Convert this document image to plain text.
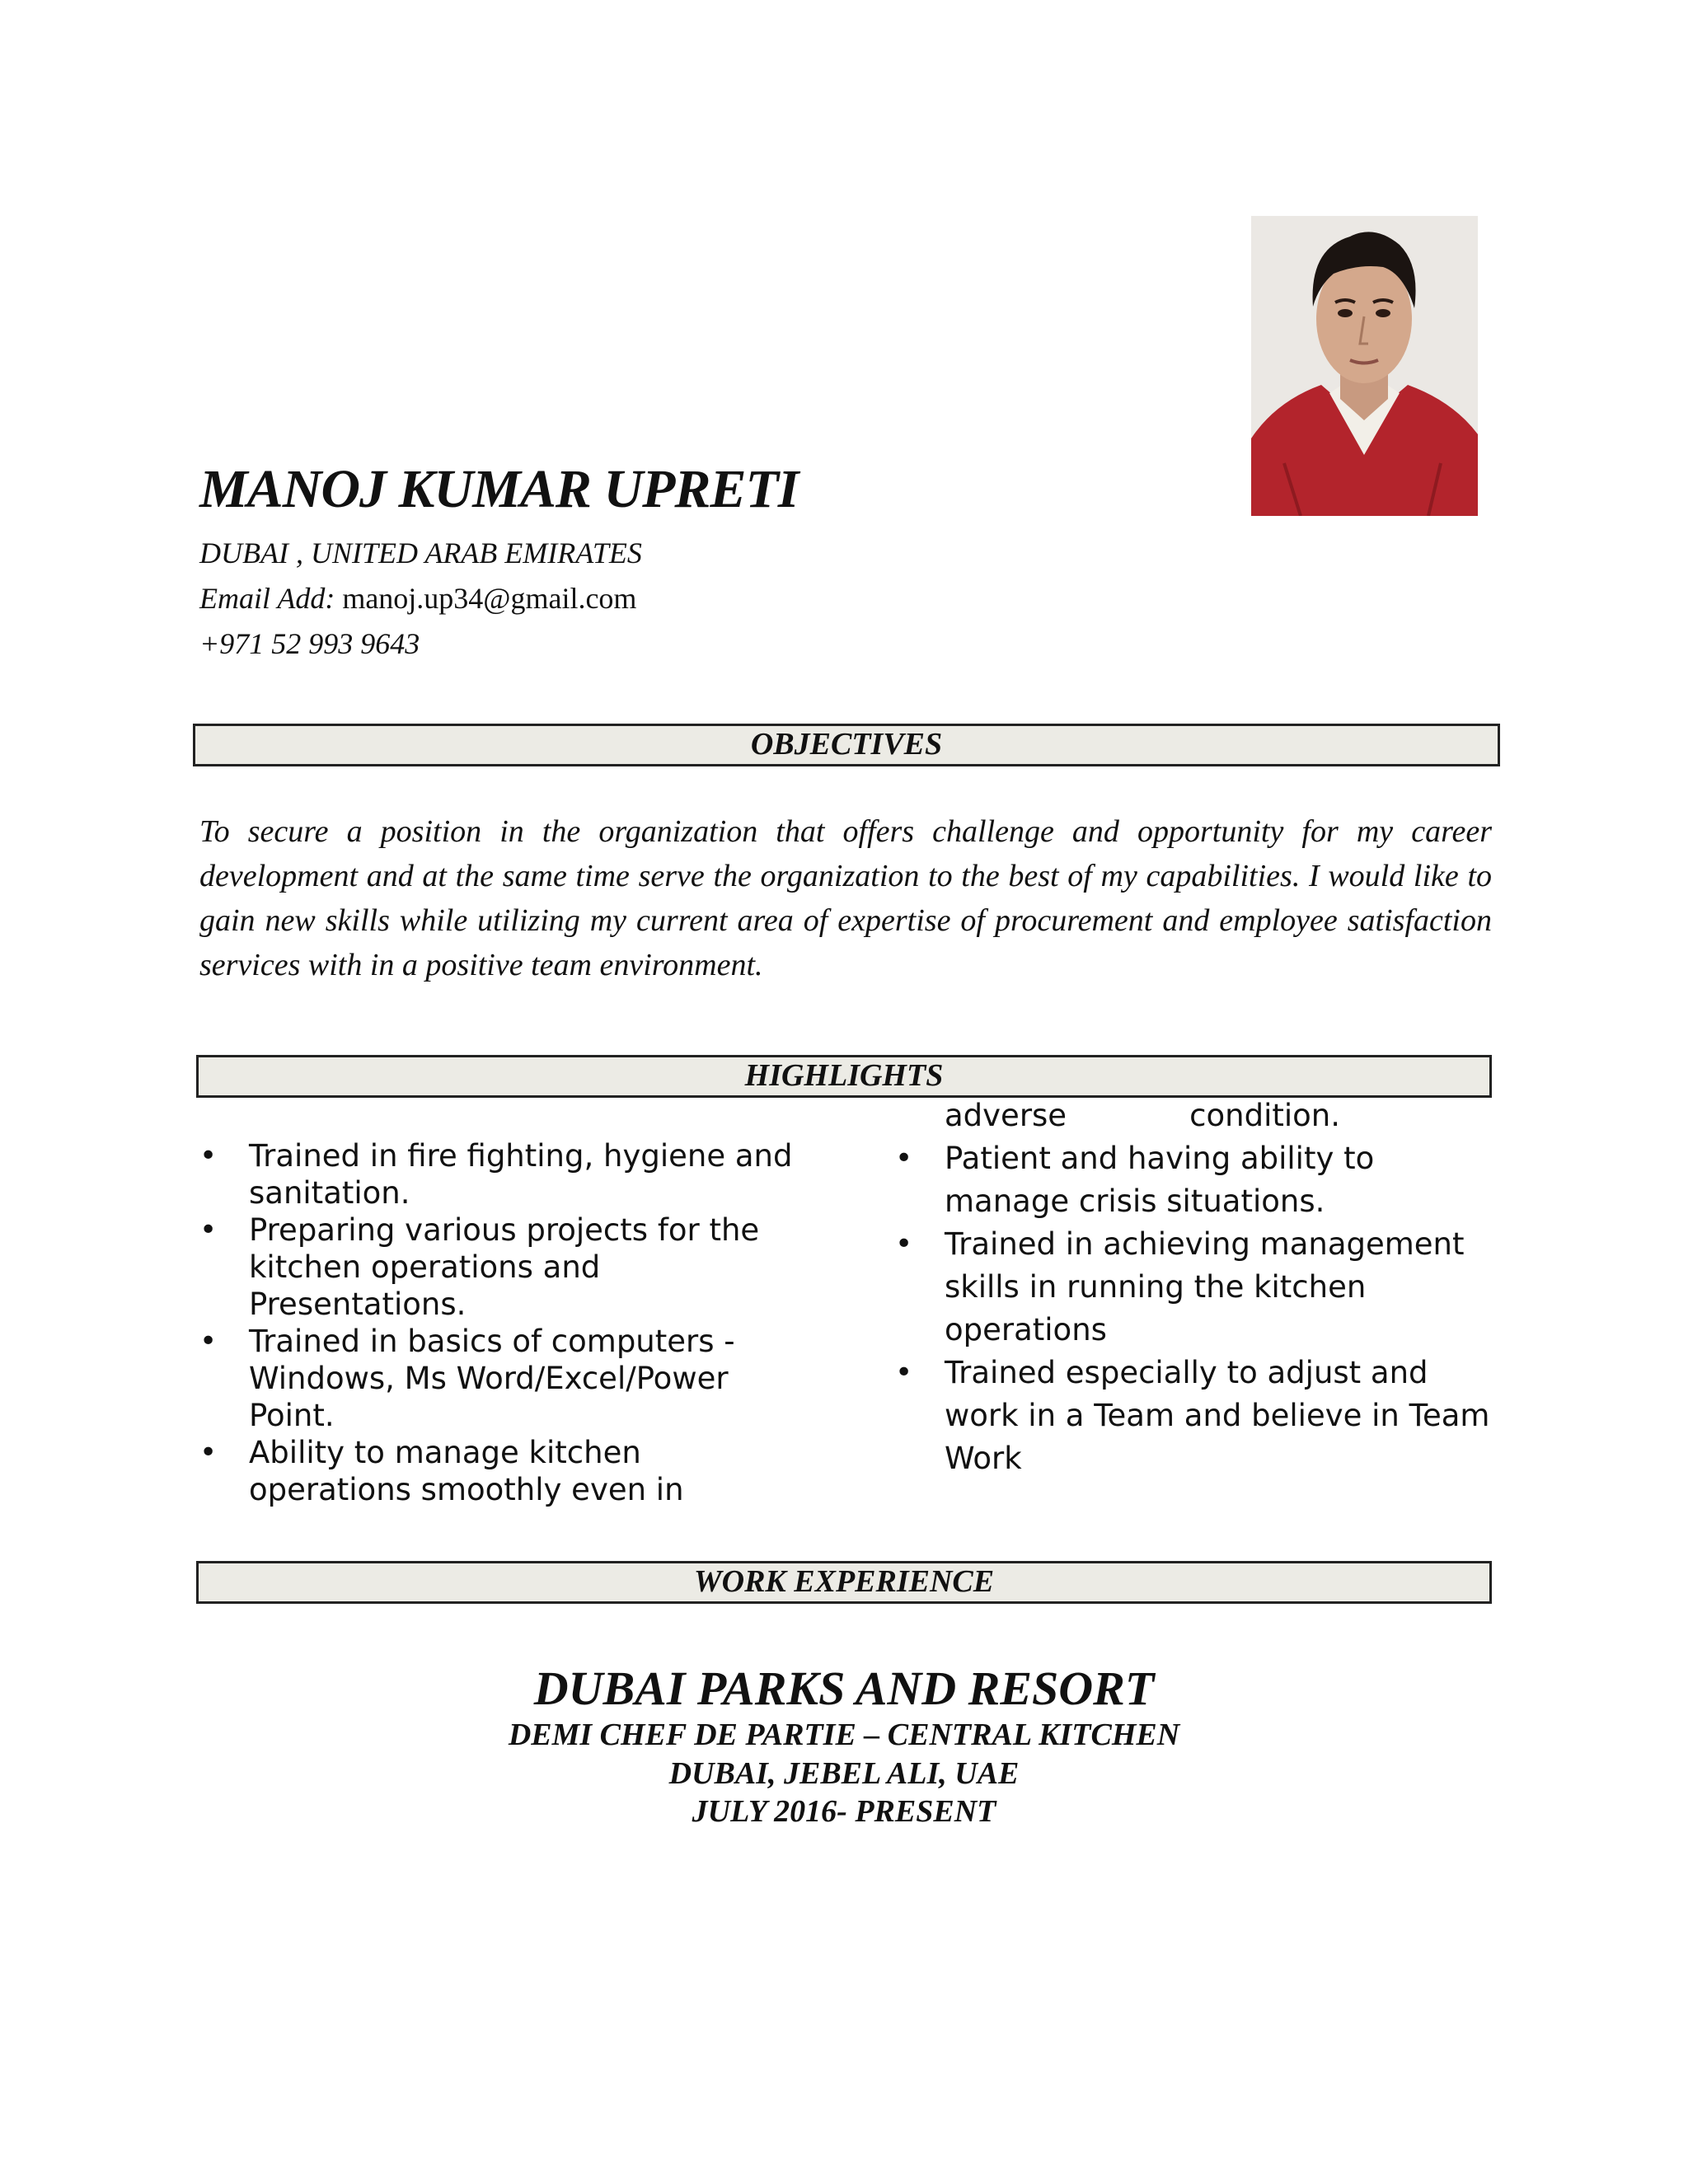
MANOJ KUMAR UPRETI
DUBAI , UNITED ARAB EMIRATES
Email Add: manoj.up34@gmail.com
+971 52 993 9643
OBJECTIVES
To secure a position in the organization that offers challenge and opportunity for my career development and at the same time serve the organization to the best of my capabilities. I would like to gain new skills while utilizing my current area of expertise of procurement and employee satisfaction services with in a positive team environment.
HIGHLIGHTS
adverse	condition.
• Trained in fire fighting, hygiene and sanitation.
• Preparing various projects for the kitchen operations and Presentations.
• Trained in basics of computers - Windows, Ms Word/Excel/Power Point.
• Ability to manage kitchen operations smoothly even in
• Patient and having ability to manage crisis situations.
• Trained in achieving management skills in running the kitchen operations
• Trained especially to adjust and work in a Team and believe in Team Work
WORK EXPERIENCE
DUBAI PARKS AND RESORT
DEMI CHEF DE PARTIE – CENTRAL KITCHEN
DUBAI, JEBEL ALI, UAE
JULY 2016- PRESENT
